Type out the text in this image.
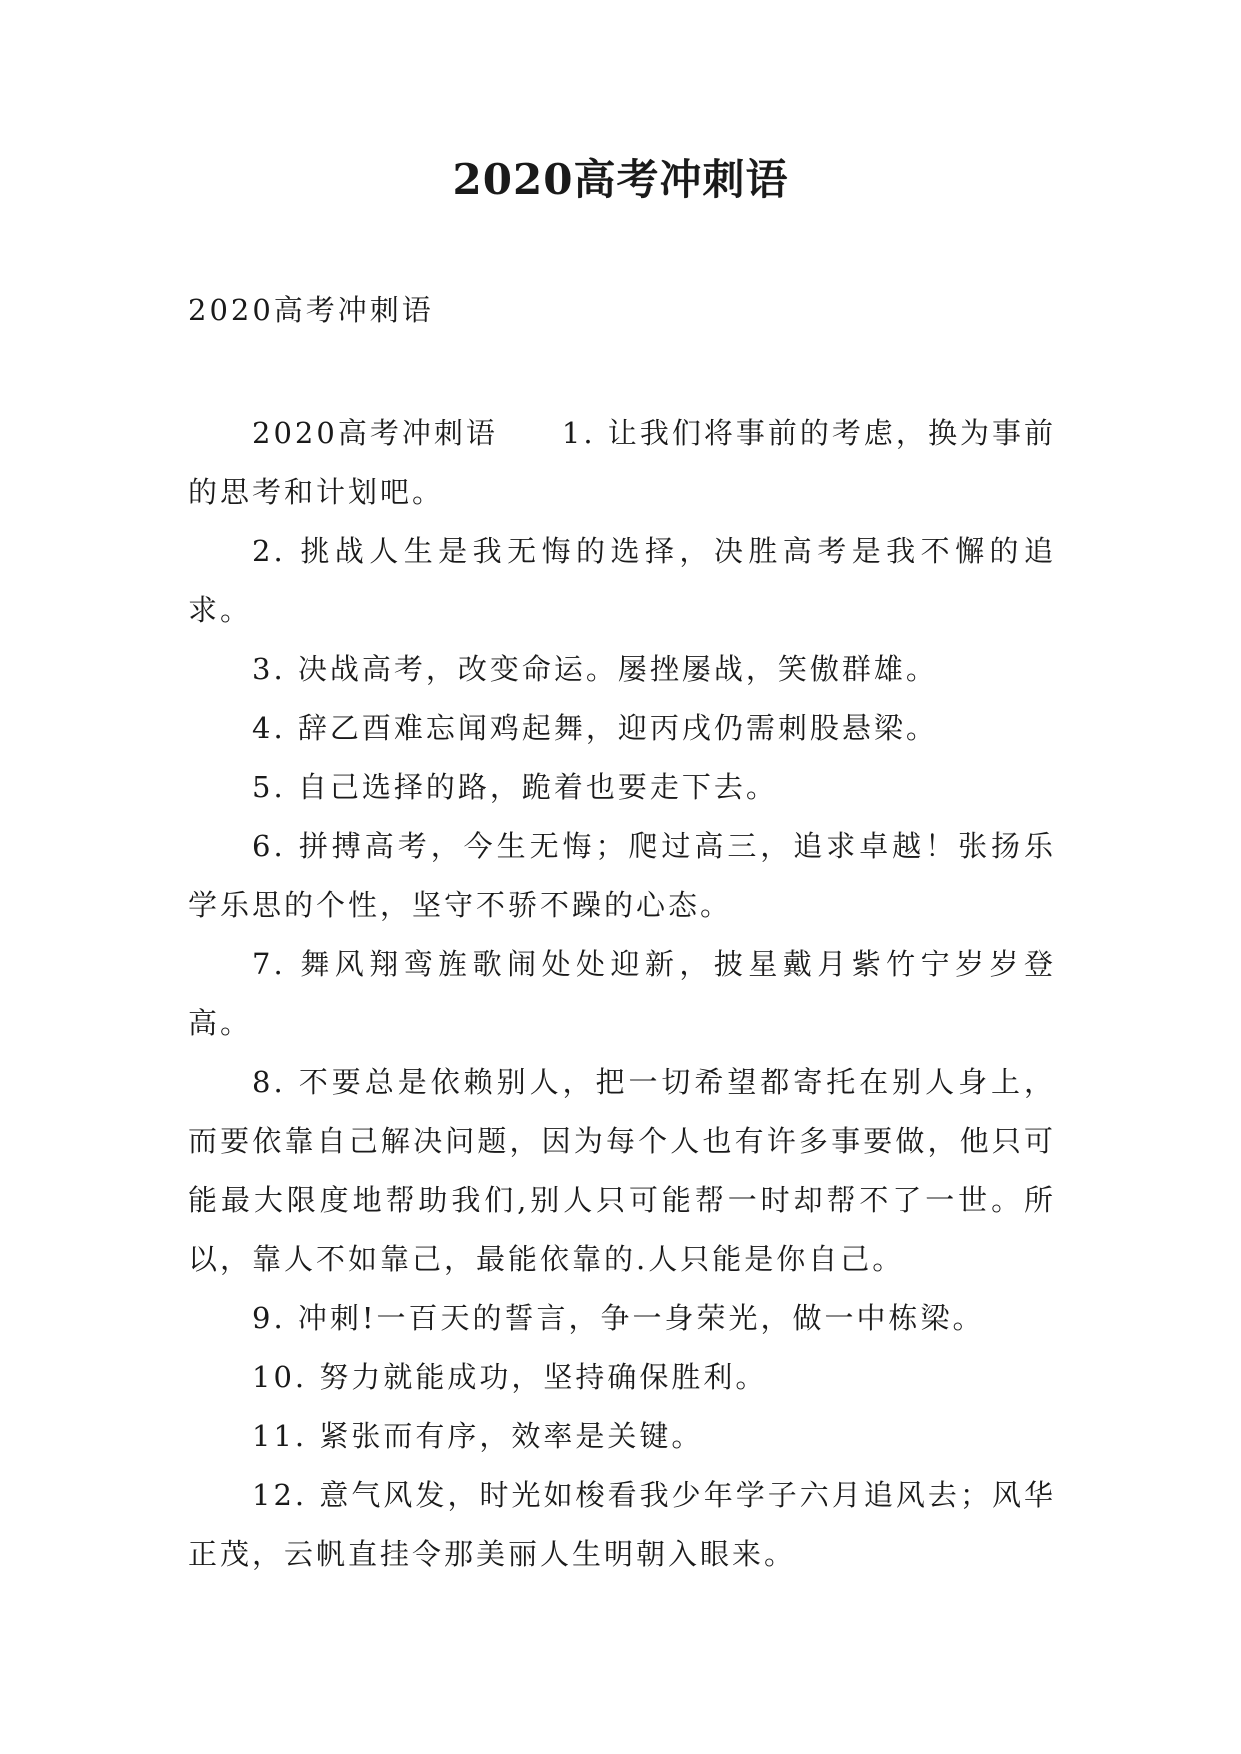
2020高考冲刺语

2020高考冲刺语

2020高考冲刺语　　1. 让我们将事前的考虑，换为事前的思考和计划吧。

2. 挑战人生是我无悔的选择，决胜高考是我不懈的追求。

3. 决战高考，改变命运。屡挫屡战，笑傲群雄。

4. 辞乙酉难忘闻鸡起舞，迎丙戌仍需刺股悬梁。

5. 自己选择的路，跪着也要走下去。

6. 拼搏高考，今生无悔；爬过高三，追求卓越！张扬乐学乐思的个性，坚守不骄不躁的心态。

7. 舞风翔鸾旌歌闹处处迎新，披星戴月紫竹宁岁岁登高。

8. 不要总是依赖别人，把一切希望都寄托在别人身上，而要依靠自己解决问题，因为每个人也有许多事要做，他只可能最大限度地帮助我们,别人只可能帮一时却帮不了一世。所以，靠人不如靠己，最能依靠的.人只能是你自己。

9. 冲刺!一百天的誓言，争一身荣光，做一中栋梁。

10. 努力就能成功，坚持确保胜利。

11. 紧张而有序，效率是关键。

12. 意气风发，时光如梭看我少年学子六月追风去；风华正茂，云帆直挂令那美丽人生明朝入眼来。
